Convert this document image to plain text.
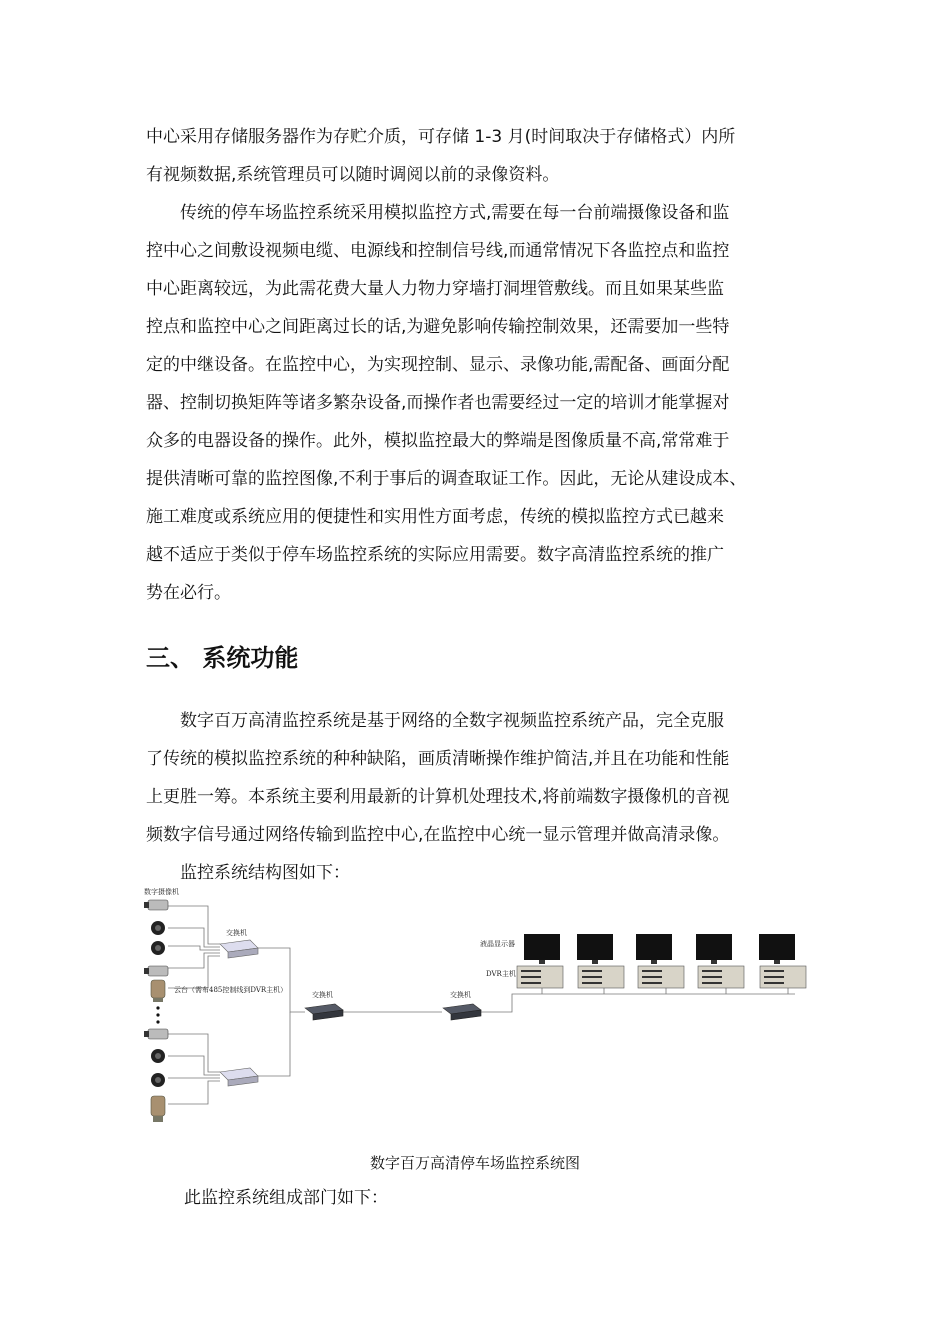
中心采用存储服务器作为存贮介质，可存储 1-3 月(时间取决于存储格式）内所
有视频数据,系统管理员可以随时调阅以前的录像资料。
　　传统的停车场监控系统采用模拟监控方式,需要在每一台前端摄像设备和监
控中心之间敷设视频电缆、电源线和控制信号线,而通常情况下各监控点和监控
中心距离较远，为此需花费大量人力物力穿墙打洞埋管敷线。而且如果某些监
控点和监控中心之间距离过长的话,为避免影响传输控制效果，还需要加一些特
定的中继设备。在监控中心，为实现控制、显示、录像功能,需配备、画面分配
器、控制切换矩阵等诸多繁杂设备,而操作者也需要经过一定的培训才能掌握对
众多的电器设备的操作。此外，模拟监控最大的弊端是图像质量不高,常常难于
提供清晰可靠的监控图像,不利于事后的调查取证工作。因此，无论从建设成本、
施工难度或系统应用的便捷性和实用性方面考虑，传统的模拟监控方式已越来
越不适应于类似于停车场监控系统的实际应用需要。数字高清监控系统的推广
势在必行。
三、 系统功能
　　数字百万高清监控系统是基于网络的全数字视频监控系统产品，完全克服
了传统的模拟监控系统的种种缺陷，画质清晰操作维护简洁,并且在功能和性能
上更胜一筹。本系统主要利用最新的计算机处理技术,将前端数字摄像机的音视
频数字信号通过网络传输到监控中心,在监控中心统一显示管理并做高清录像。
　　监控系统结构图如下：
数字摄像机
云台（需布485控制线到DVR主机）
交换机
交换机	交换机
液晶显示器
DVR主机
数字百万高清停车场监控系统图
此监控系统组成部门如下：
